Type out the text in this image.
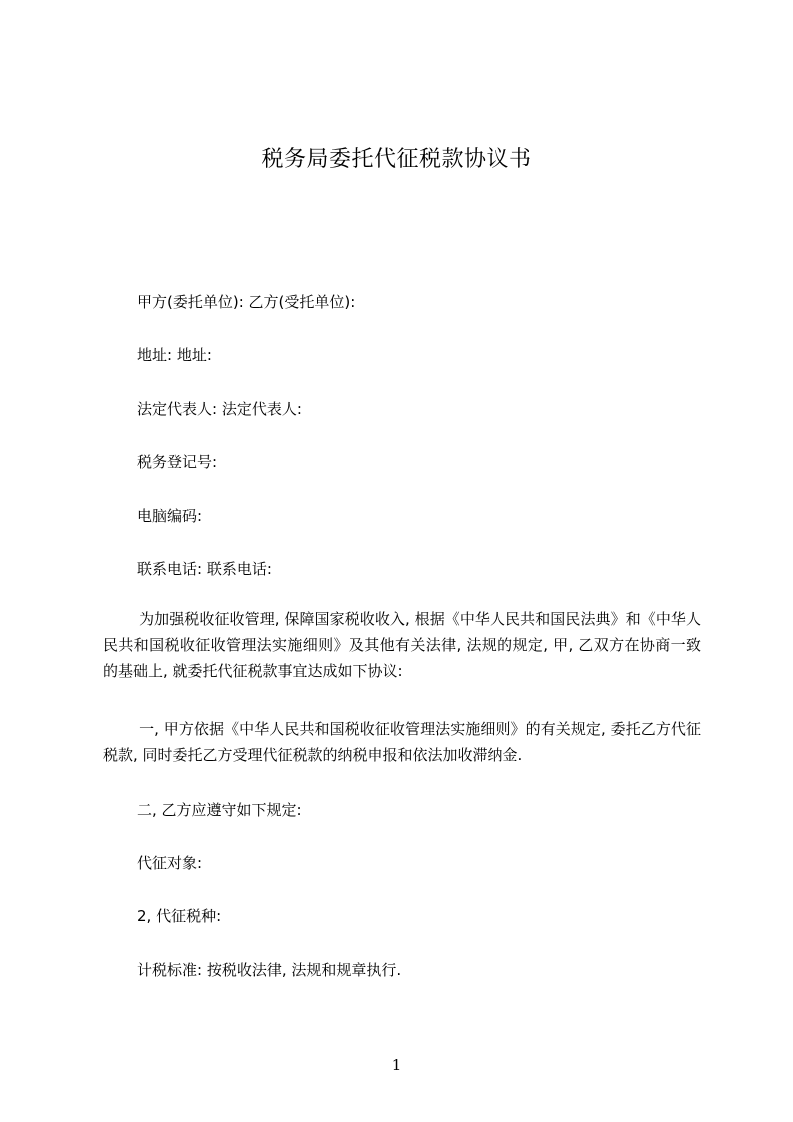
税务局委托代征税款协议书
甲方(委托单位): 乙方(受托单位):
地址: 地址:
法定代表人: 法定代表人:
税务登记号:
电脑编码:
联系电话: 联系电话:
为加强税收征收管理, 保障国家税收收入, 根据《中华人民共和国民法典》和《中华人民共和国税收征收管理法实施细则》及其他有关法律, 法规的规定, 甲, 乙双方在协商一致的基础上, 就委托代征税款事宜达成如下协议:
一, 甲方依据《中华人民共和国税收征收管理法实施细则》的有关规定, 委托乙方代征税款, 同时委托乙方受理代征税款的纳税申报和依法加收滞纳金.
二, 乙方应遵守如下规定:
代征对象:
2, 代征税种:
计税标准: 按税收法律, 法规和规章执行.
1
